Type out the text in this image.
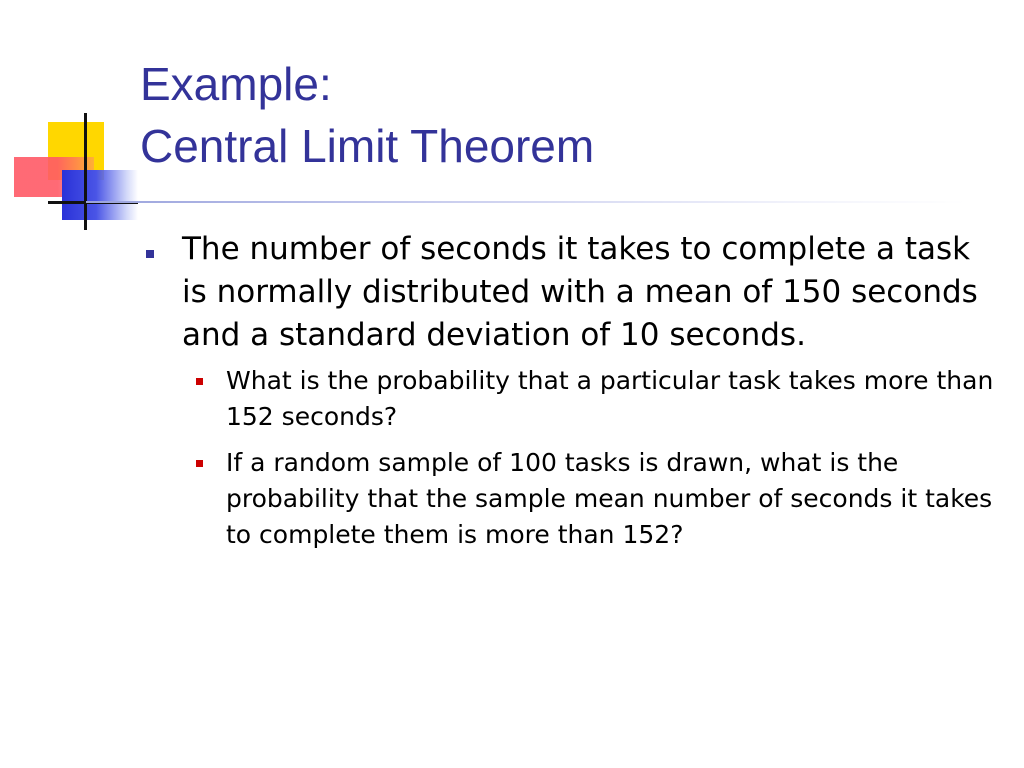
Example:
Central Limit Theorem
The number of seconds it takes to complete a task is normally distributed with a mean of 150 seconds and a standard deviation of 10 seconds.
What is the probability that a particular task takes more than 152 seconds?
If a random sample of 100 tasks is drawn, what is the probability that the sample mean number of seconds it takes to complete them is more than 152?
